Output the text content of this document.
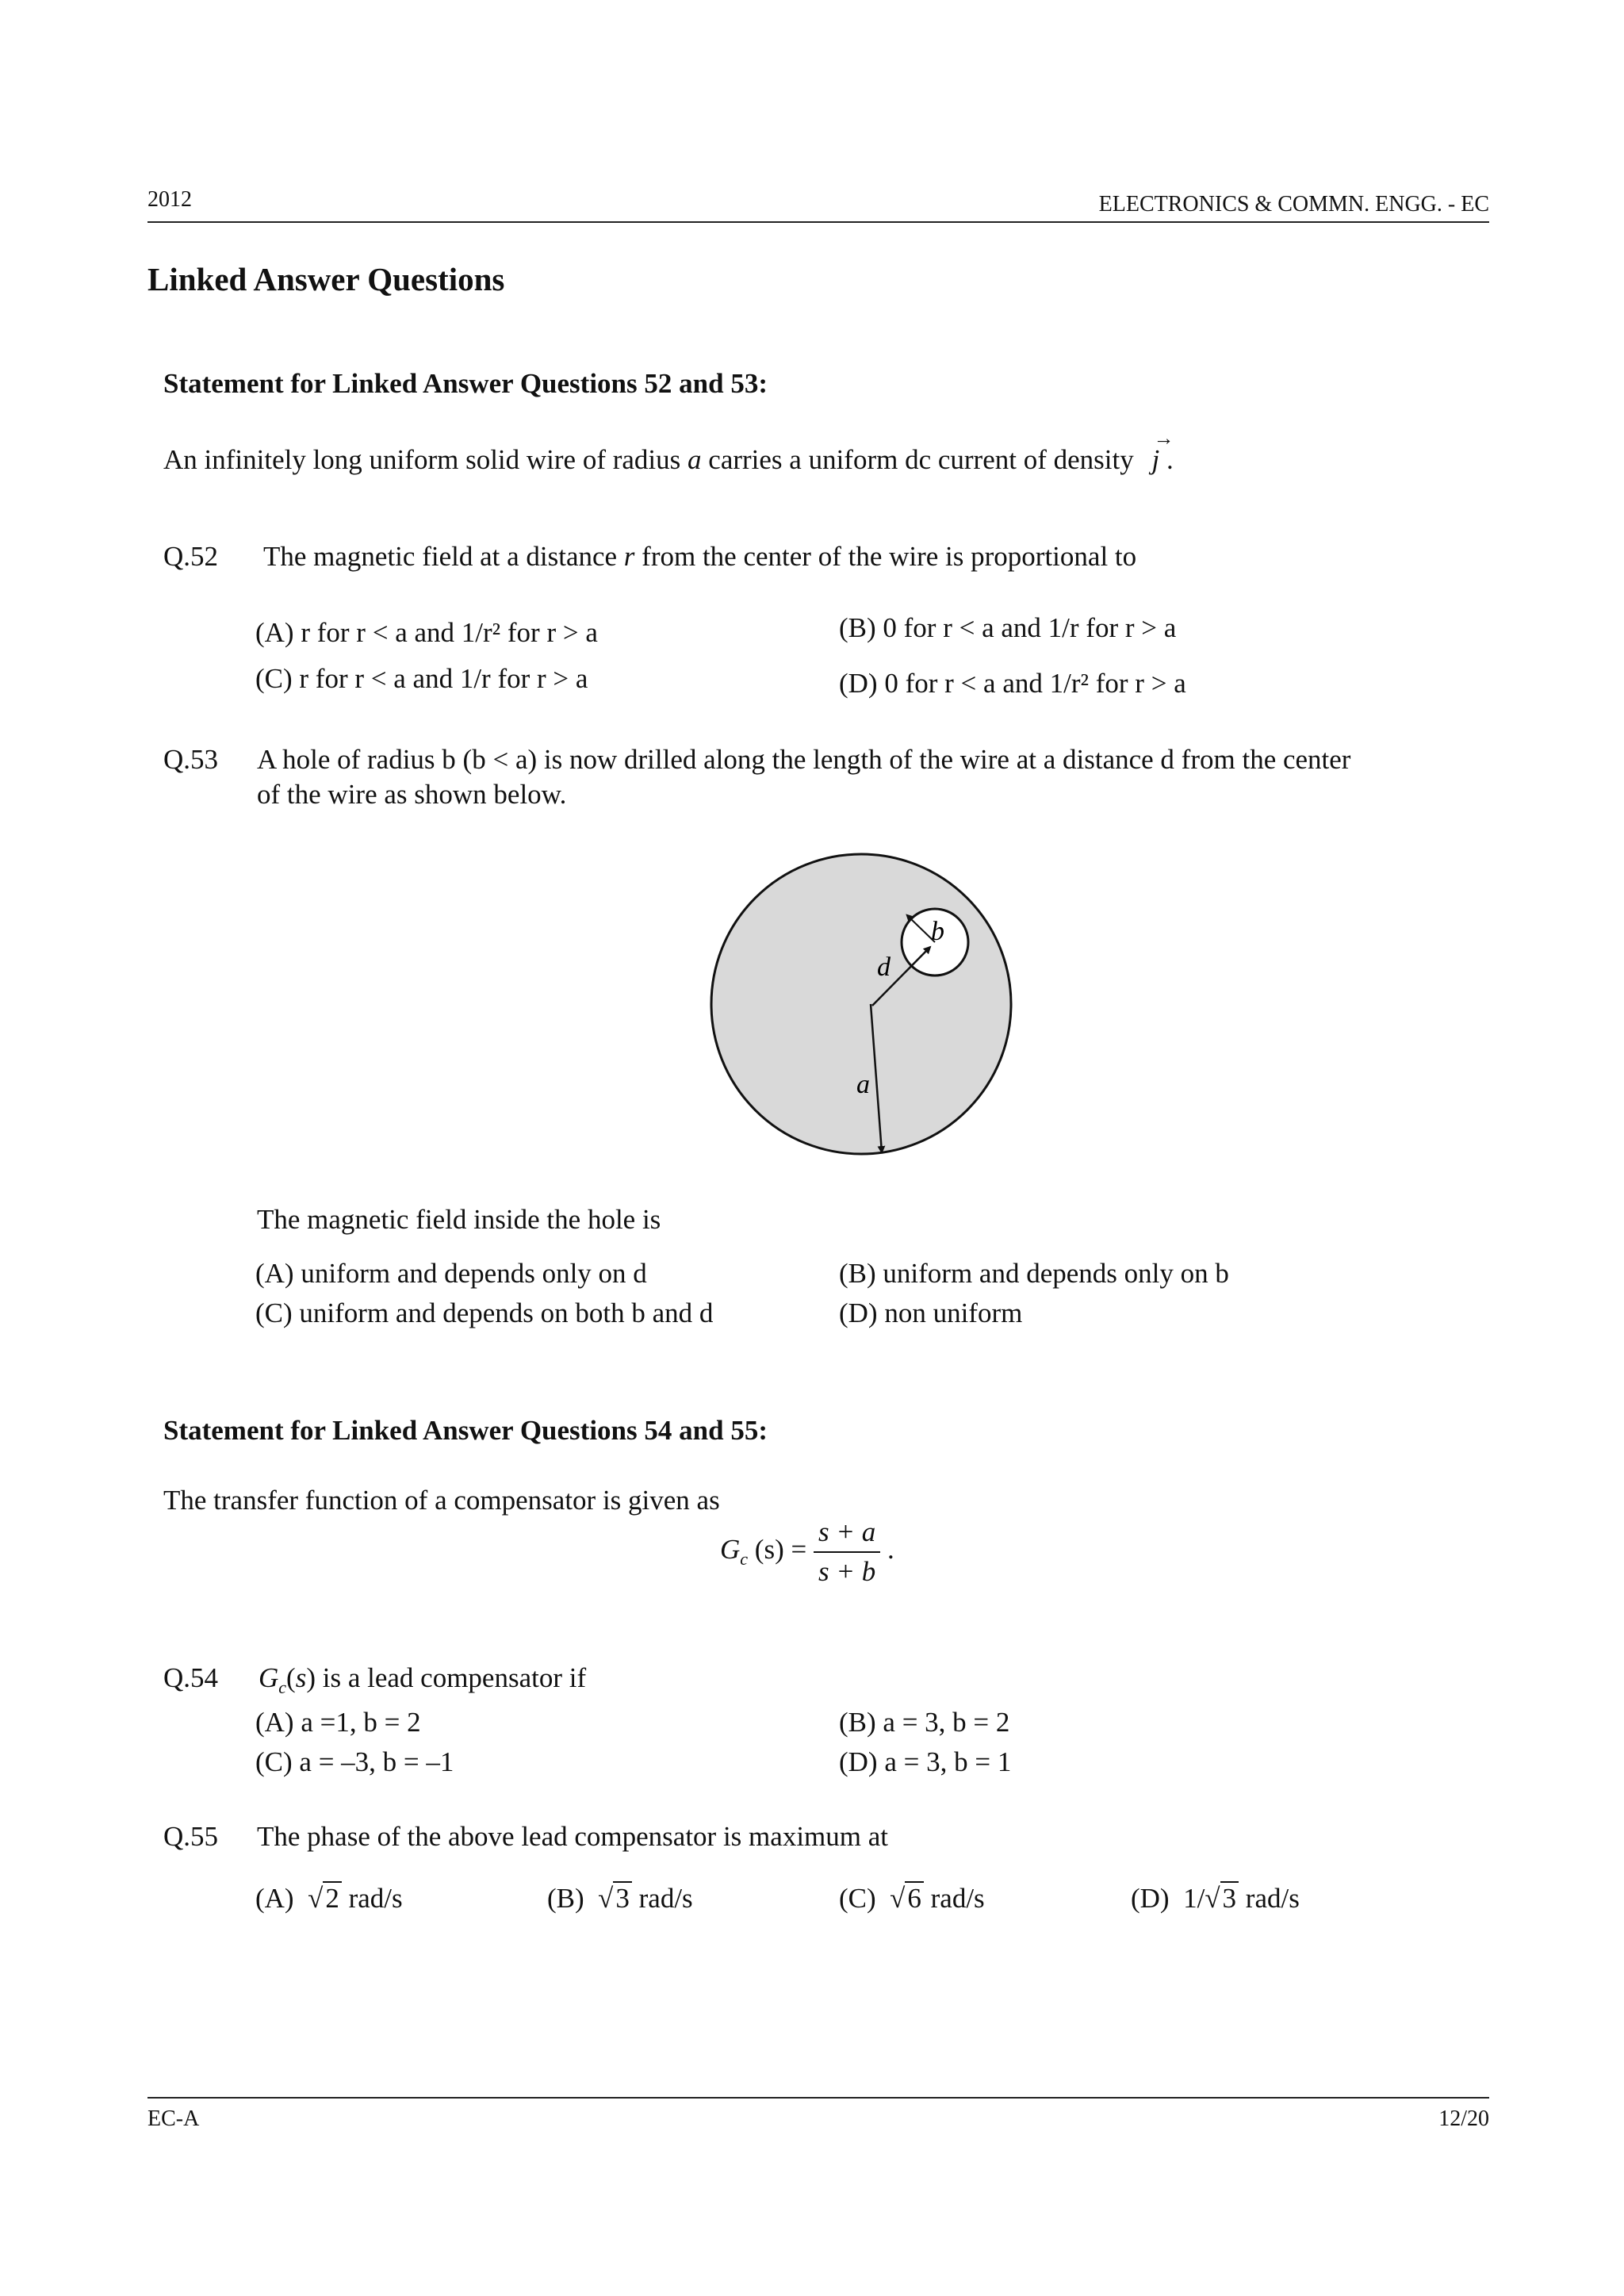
2012	ELECTRONICS & COMMN. ENGG. - EC
Linked Answer Questions
Statement for Linked Answer Questions 52 and 53:
An infinitely long uniform solid wire of radius a carries a uniform dc current of density
→
j .
Q.52 The magnetic field at a distance r from the center of the wire is proportional to
(A) r for r < a and 1/r² for r > a	(B) 0 for r < a and 1/r for r > a
(C) r for r < a and 1/r for r > a	(D) 0 for r < a and 1/r² for r > a
Q.53 A hole of radius b (b < a) is now drilled along the length of the wire at a distance d from the center
of the wire as shown below.
b
d
a
The magnetic field inside the hole is
(A) uniform and depends only on d	(B) uniform and depends only on b
(C) uniform and depends on both b and d	(D) non uniform
Statement for Linked Answer Questions 54 and 55:
The transfer function of a compensator is given as
$G_c$ $(s) = \frac{s + a}{s + b}$ .
Q.54 $G_c(s)$ is a lead compensator if
(A) a =1, b = 2	(B) a = 3, b = 2
(C) a = –3, b = –1	(D) a = 3, b = 1
Q.55 The phase of the above lead compensator is maximum at
(A)  √2 rad/s	(B)  √3 rad/s	(C)  √6 rad/s	(D) 1/√3 rad/s
EC-A	12/20
